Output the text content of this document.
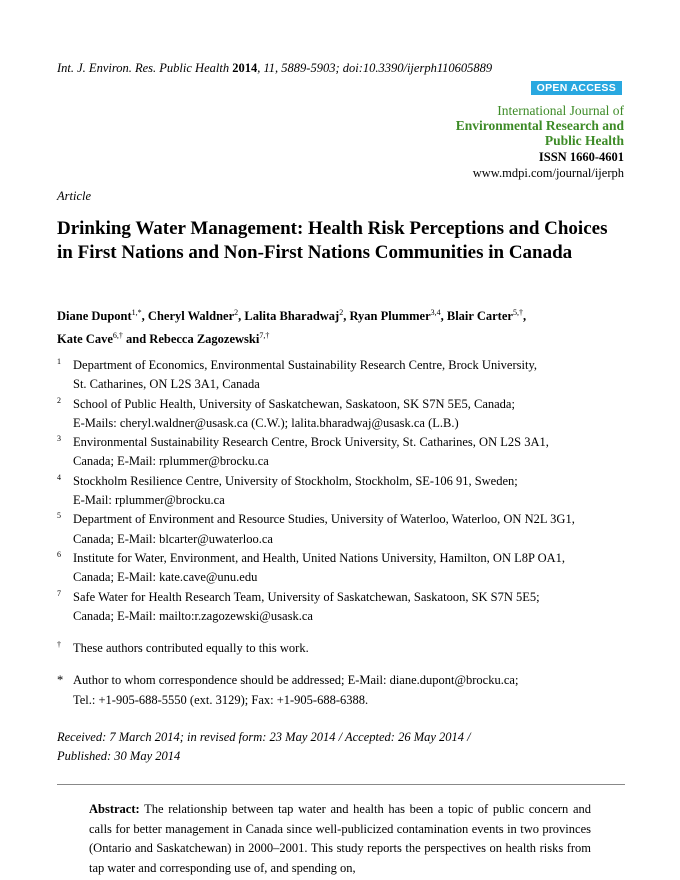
Int. J. Environ. Res. Public Health 2014, 11, 5889-5903; doi:10.3390/ijerph110605889
OPEN ACCESS
International Journal of
Environmental Research and
Public Health
ISSN 1660-4601
www.mdpi.com/journal/ijerph
Article
Drinking Water Management: Health Risk Perceptions and Choices in First Nations and Non-First Nations Communities in Canada
Diane Dupont$^{1,*}$, Cheryl Waldner$^2$, Lalita Bharadwaj$^2$, Ryan Plummer$^{3,4}$, Blair Carter$^{5,\dagger}$,
Kate Cave$^{6,\dagger}$ and Rebecca Zagozewski$^{7,\dagger}$
1 Department of Economics, Environmental Sustainability Research Centre, Brock University,
St. Catharines, ON L2S 3A1, Canada
2 School of Public Health, University of Saskatchewan, Saskatoon, SK S7N 5E5, Canada;
E-Mails: cheryl.waldner@usask.ca (C.W.); lalita.bharadwaj@usask.ca (L.B.)
3 Environmental Sustainability Research Centre, Brock University, St. Catharines, ON L2S 3A1,
Canada; E-Mail: rplummer@brocku.ca
4 Stockholm Resilience Centre, University of Stockholm, Stockholm, SE-106 91, Sweden;
E-Mail: rplummer@brocku.ca
5 Department of Environment and Resource Studies, University of Waterloo, Waterloo, ON N2L 3G1,
Canada; E-Mail: blcarter@uwaterloo.ca
6 Institute for Water, Environment, and Health, United Nations University, Hamilton, ON L8P OA1,
Canada; E-Mail: kate.cave@unu.edu
7 Safe Water for Health Research Team, University of Saskatchewan, Saskatoon, SK S7N 5E5;
Canada; E-Mail: mailto:r.zagozewski@usask.ca
† These authors contributed equally to this work.
* Author to whom correspondence should be addressed; E-Mail: diane.dupont@brocku.ca;
Tel.: +1-905-688-5550 (ext. 3129); Fax: +1-905-688-6388.
Received: 7 March 2014; in revised form: 23 May 2014 / Accepted: 26 May 2014 /
Published: 30 May 2014
Abstract: The relationship between tap water and health has been a topic of public concern and calls for better management in Canada since well-publicized contamination events in two provinces (Ontario and Saskatchewan) in 2000–2001. This study reports the perspectives on health risks from tap water and corresponding use of, and spending on,
